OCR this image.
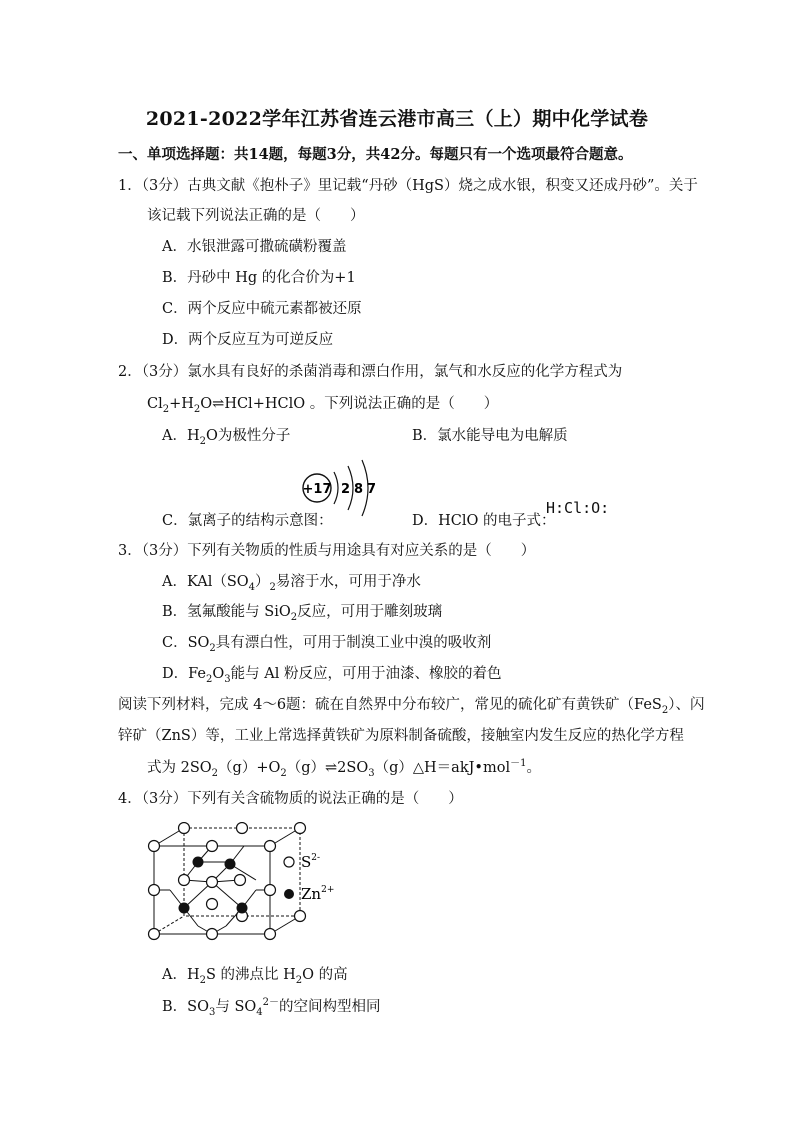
2021-2022学年江苏省连云港市高三（上）期中化学试卷
一、单项选择题：共14题，每题3分，共42分。每题只有一个选项最符合题意。
1．（3分）古典文献《抱朴子》里记载“丹砂（HgS）烧之成水银，积变又还成丹砂”。关于
该记载下列说法正确的是（　　）
A．水银泄露可撒硫磺粉覆盖
B．丹砂中 Hg 的化合价为+1
C．两个反应中硫元素都被还原
D．两个反应互为可逆反应
2．（3分）氯水具有良好的杀菌消毒和漂白作用，氯气和水反应的化学方程式为
$Cl_2+H_2O\rightleftharpoons HCl+HClO$ 。下列说法正确的是（　　）
A．$H_2O$为极性分子	B．氯水能导电为电解质
+17 2 8 7
C．氯离子的结构示意图：	D．HClO 的电子式：
H:Cl:O:
3．（3分）下列有关物质的性质与用途具有对应关系的是（　　）
A．$KAl(SO_4)_2$易溶于水，可用于净水
B．氢氟酸能与 SiO$_2$反应，可用于雕刻玻璃
C．$SO_2$具有漂白性，可用于制溴工业中溴的吸收剂
D．$Fe_2O_3$能与 Al 粉反应，可用于油漆、橡胶的着色
阅读下列材料，完成 4～6题：硫在自然界中分布较广，常见的硫化矿有黄铁矿（FeS$_2$）、闪
锌矿（ZnS）等，工业上常选择黄铁矿为原料制备硫酸，接触室内发生反应的热化学方程
式为 $2SO_2(g)+O_2(g)\rightleftharpoons 2SO_3(g)\triangle H=akJ•mol^{-1}$。
4．（3分）下列有关含硫物质的说法正确的是（　　）
$S^{2-}$
$Zn^{2+}$
A．$H_2S$ 的沸点比 $H_2O$ 的高
B．$SO_3$与 $SO_4^{2-}$的空间构型相同
